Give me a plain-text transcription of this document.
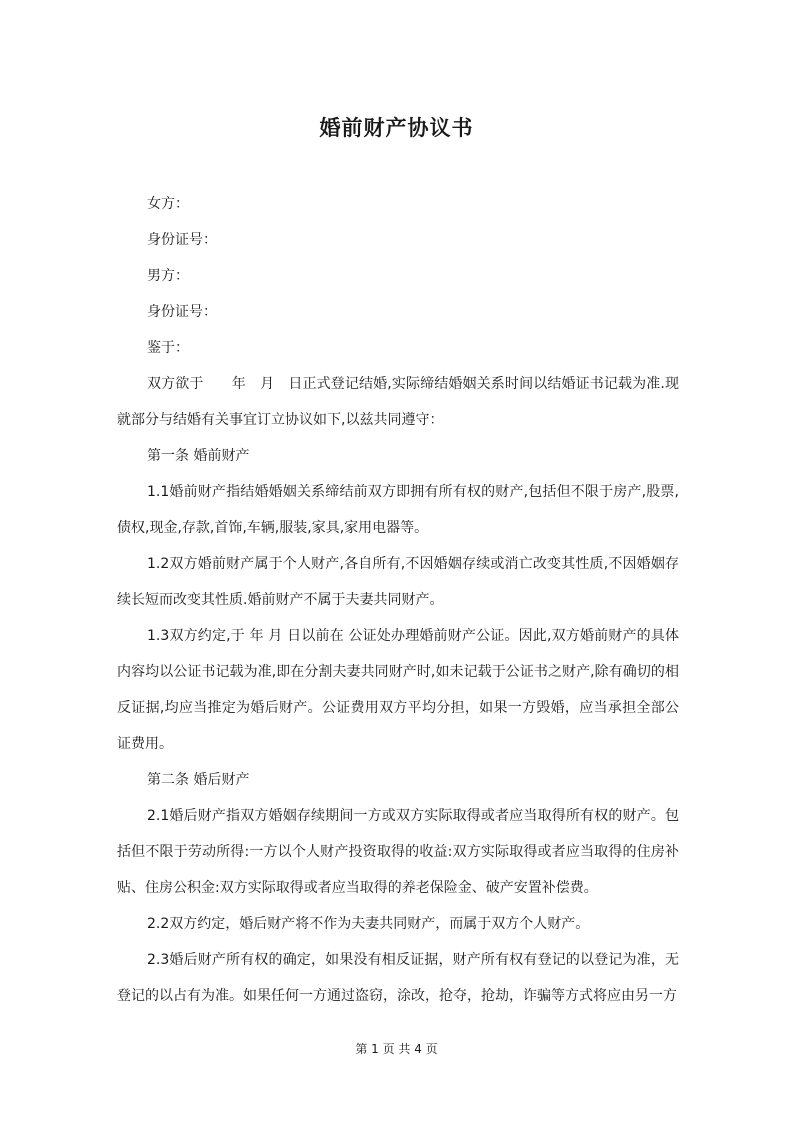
婚前财产协议书

女方：

身份证号：

男方：

身份证号：

鉴于：

双方欲于　　年　月　日正式登记结婚,实际缔结婚姻关系时间以结婚证书记载为准.现就部分与结婚有关事宜订立协议如下,以兹共同遵守：

第一条 婚前财产

1.1婚前财产指结婚婚姻关系缔结前双方即拥有所有权的财产,包括但不限于房产,股票,债权,现金,存款,首饰,车辆,服装,家具,家用电器等。

1.2双方婚前财产属于个人财产,各自所有,不因婚姻存续或消亡改变其性质,不因婚姻存续长短而改变其性质.婚前财产不属于夫妻共同财产。

1.3双方约定,于 年 月 日以前在 公证处办理婚前财产公证。因此,双方婚前财产的具体内容均以公证书记载为准,即在分割夫妻共同财产时,如未记载于公证书之财产,除有确切的相反证据,均应当推定为婚后财产。公证费用双方平均分担，如果一方毁婚，应当承担全部公证费用。

第二条 婚后财产

2.1婚后财产指双方婚姻存续期间一方或双方实际取得或者应当取得所有权的财产。包括但不限于劳动所得:一方以个人财产投资取得的收益:双方实际取得或者应当取得的住房补贴、住房公积金:双方实际取得或者应当取得的养老保险金、破产安置补偿费。

2.2双方约定，婚后财产将不作为夫妻共同财产，而属于双方个人财产。

2.3婚后财产所有权的确定，如果没有相反证据，财产所有权有登记的以登记为准，无登记的以占有为准。如果任何一方通过盗窃，涂改，抢夺，抢劫，诈骗等方式将应由另一方

第 1 页 共 4 页
